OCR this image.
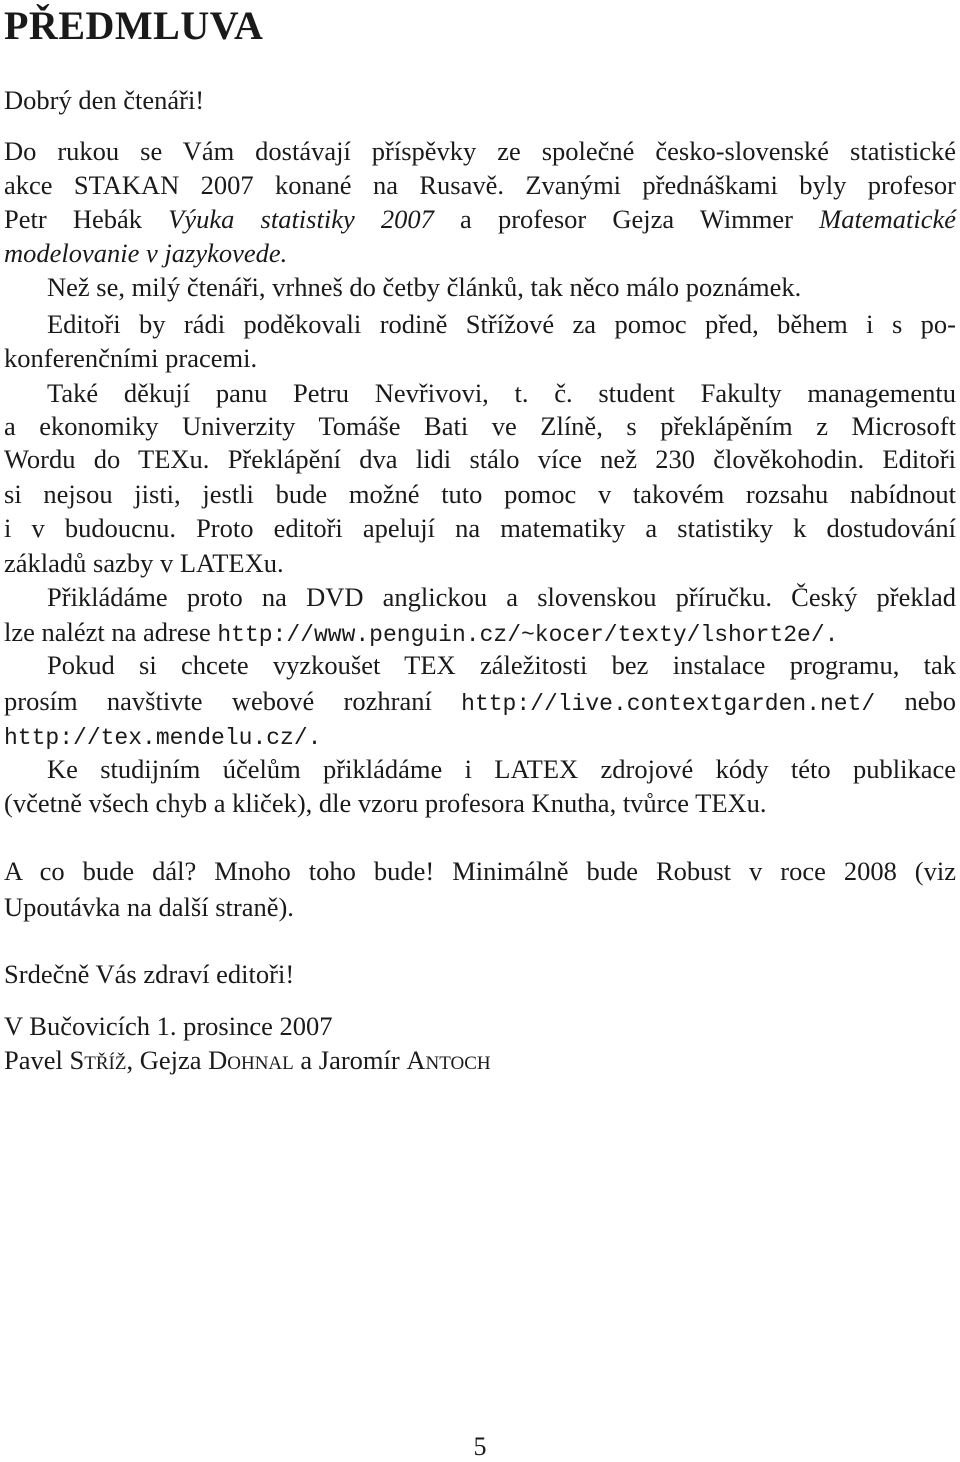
PŘEDMLUVA
Dobrý den čtenáři!
Do rukou se Vám dostávají příspěvky ze společné česko-slovenské statistické
akce STAKAN 2007 konané na Rusavě. Zvanými přednáškami byly profesor
Petr Hebák Výuka statistiky 2007 a profesor Gejza Wimmer Matematické
modelovanie v jazykovede.
Než se, milý čtenáři, vrhneš do četby článků, tak něco málo poznámek.
Editoři by rádi poděkovali rodině Střížové za pomoc před, během i s po-
konferenčními pracemi.
Také děkují panu Petru Nevřivovi, t. č. student Fakulty managementu
a ekonomiky Univerzity Tomáše Bati ve Zlíně, s překlápěním z Microsoft
Wordu do TEXu. Překlápění dva lidi stálo více než 230 člověkohodin. Editoři
si nejsou jisti, jestli bude možné tuto pomoc v takovém rozsahu nabídnout
i v budoucnu. Proto editoři apelují na matematiky a statistiky k dostudování
základů sazby v LATEXu.
Přikládáme proto na DVD anglickou a slovenskou příručku. Český překlad
lze nalézt na adrese http://www.penguin.cz/~kocer/texty/lshort2e/.
Pokud si chcete vyzkoušet TEX záležitosti bez instalace programu, tak
prosím navštivte webové rozhraní http://live.contextgarden.net/ nebo
http://tex.mendelu.cz/.
Ke studijním účelům přikládáme i LATEX zdrojové kódy této publikace
(včetně všech chyb a kliček), dle vzoru profesora Knutha, tvůrce TEXu.
A co bude dál? Mnoho toho bude! Minimálně bude Robust v roce 2008 (viz
Upoutávka na další straně).
Srdečně Vás zdraví editoři!
V Bučovicích 1. prosince 2007
Pavel Stříž, Gejza Dohnal a Jaromír Antoch
5
